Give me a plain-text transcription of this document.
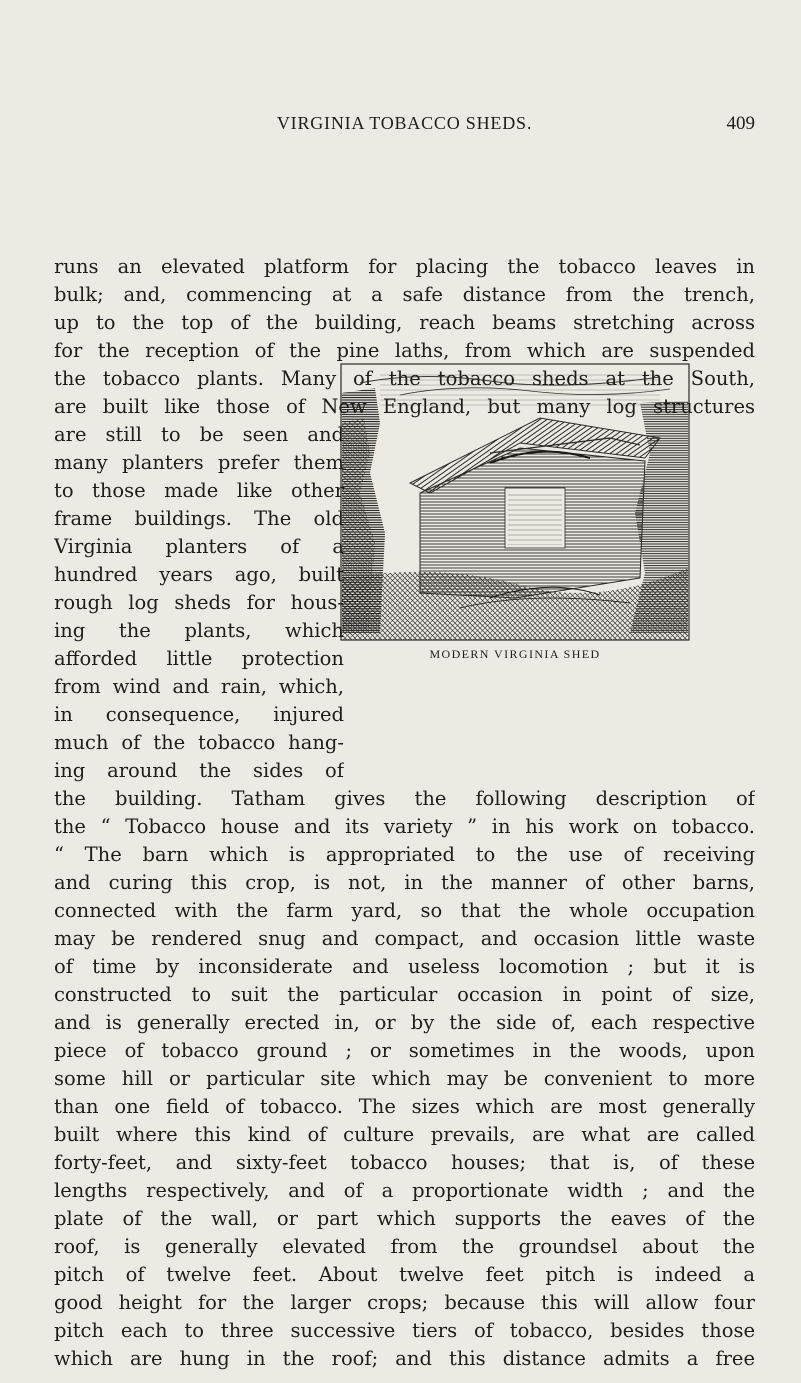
VIRGINIA TOBACCO SHEDS.	409
MODERN VIRGINIA SHED
runs an elevated platform for placing the tobacco leaves in
bulk; and, commencing at a safe distance from the trench,
up to the top of the building, reach beams stretching across
for the reception of the pine laths, from which are suspended
the tobacco plants. Many of the tobacco sheds at the South,
are built like those of New England, but many log structures
are still to be seen and
many planters prefer them
to those made like other
frame buildings. The old
Virginia planters of a
hundred years ago, built
rough log sheds for hous-
ing the plants, which
afforded little protection
from wind and rain, which,
in consequence, injured
much of the tobacco hang-
ing around the sides of
the building. Tatham gives the following description of
the “ Tobacco house and its variety ” in his work on tobacco.
“ The barn which is appropriated to the use of receiving
and curing this crop, is not, in the manner of other barns,
connected with the farm yard, so that the whole occupation
may be rendered snug and compact, and occasion little waste
of time by inconsiderate and useless locomotion ; but it is
constructed to suit the particular occasion in point of size,
and is generally erected in, or by the side of, each respective
piece of tobacco ground ; or sometimes in the woods, upon
some hill or particular site which may be convenient to more
than one field of tobacco. The sizes which are most generally
built where this kind of culture prevails, are what are called
forty-feet, and sixty-feet tobacco houses; that is, of these
lengths respectively, and of a proportionate width ; and the
plate of the wall, or part which supports the eaves of the
roof, is generally elevated from the groundsel about the
pitch of twelve feet. About twelve feet pitch is indeed a
good height for the larger crops; because this will allow four
pitch each to three successive tiers of tobacco, besides those
which are hung in the roof; and this distance admits a free
